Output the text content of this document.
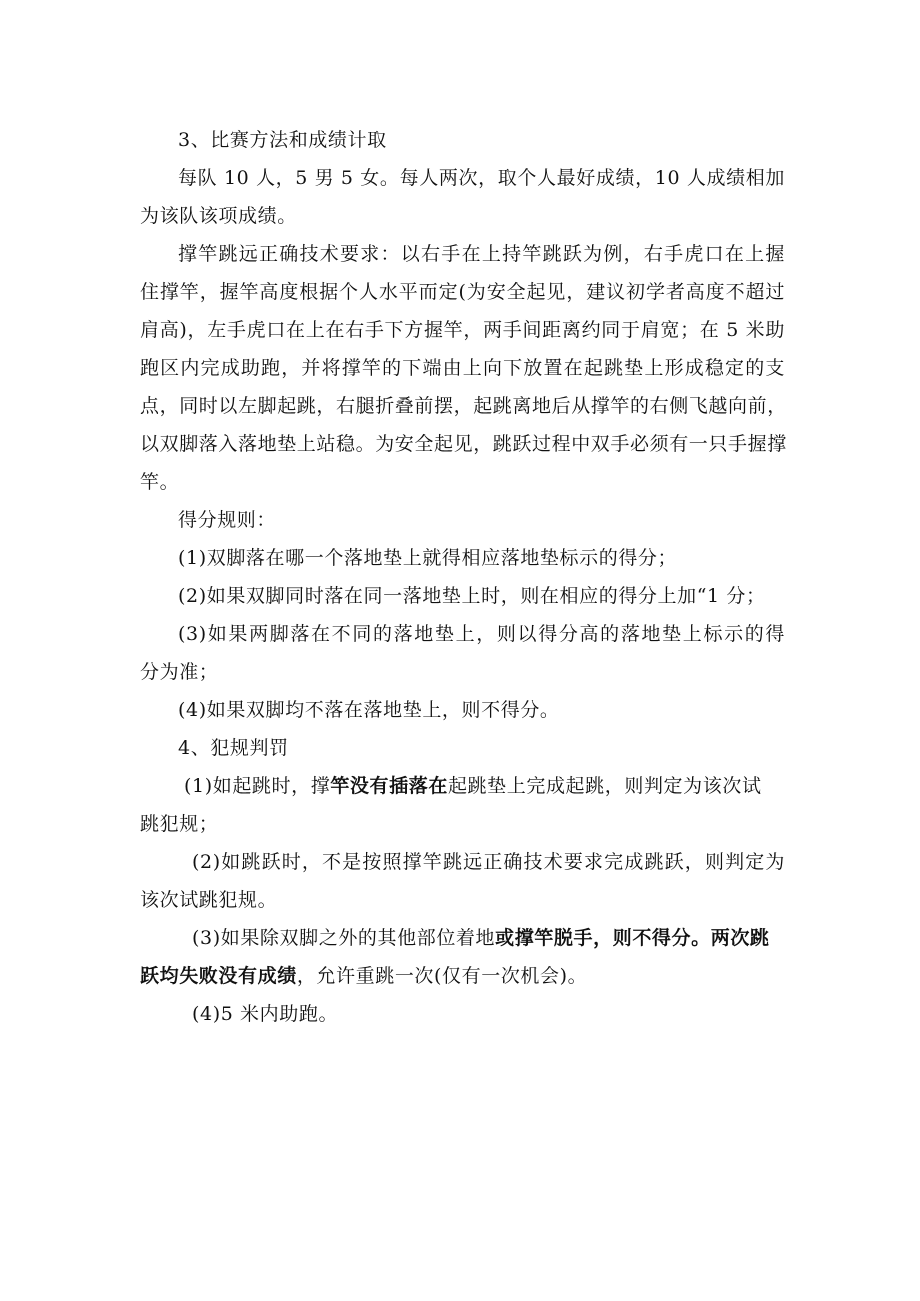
3、比赛方法和成绩计取
每队 10 人，5 男 5 女。每人两次，取个人最好成绩，10 人成绩相加
为该队该项成绩。
撑竿跳远正确技术要求：以右手在上持竿跳跃为例，右手虎口在上握
住撑竿，握竿高度根据个人水平而定(为安全起见，建议初学者高度不超过
肩高)，左手虎口在上在右手下方握竿，两手间距离约同于肩宽；在 5 米助
跑区内完成助跑，并将撑竿的下端由上向下放置在起跳垫上形成稳定的支
点，同时以左脚起跳，右腿折叠前摆，起跳离地后从撑竿的右侧飞越向前，
以双脚落入落地垫上站稳。为安全起见，跳跃过程中双手必须有一只手握撑
竿。
得分规则：
(1)双脚落在哪一个落地垫上就得相应落地垫标示的得分；
(2)如果双脚同时落在同一落地垫上时，则在相应的得分上加“1 分；
(3)如果两脚落在不同的落地垫上，则以得分高的落地垫上标示的得
分为准；
(4)如果双脚均不落在落地垫上，则不得分。
4、犯规判罚
(1)如起跳时，撑竿没有插落在起跳垫上完成起跳，则判定为该次试
跳犯规；
(2)如跳跃时，不是按照撑竿跳远正确技术要求完成跳跃，则判定为
该次试跳犯规。
(3)如果除双脚之外的其他部位着地或撑竿脱手，则不得分。两次跳
跃均失败没有成绩，允许重跳一次(仅有一次机会)。
(4)5 米内助跑。
